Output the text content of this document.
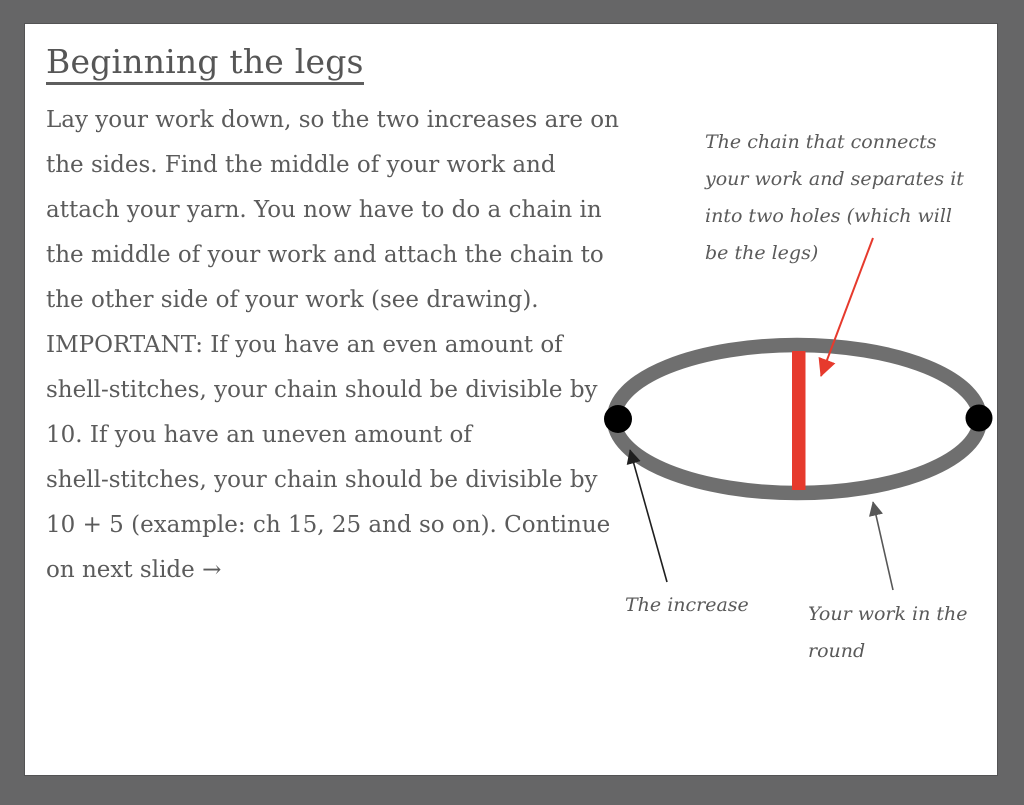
Beginning the legs
Lay your work down, so the two increases are on
the sides. Find the middle of your work and
attach your yarn. You now have to do a chain in
the middle of your work and attach the chain to
the other side of your work (see drawing).
IMPORTANT: If you have an even amount of
shell-stitches, your chain should be divisible by
10. If you have an uneven amount of
shell-stitches, your chain should be divisible by
10 + 5 (example: ch 15, 25 and so on). Continue
on next slide →
The chain that connects
your work and separates it
into two holes (which will
be the legs)
The increase	Your work in the
round
